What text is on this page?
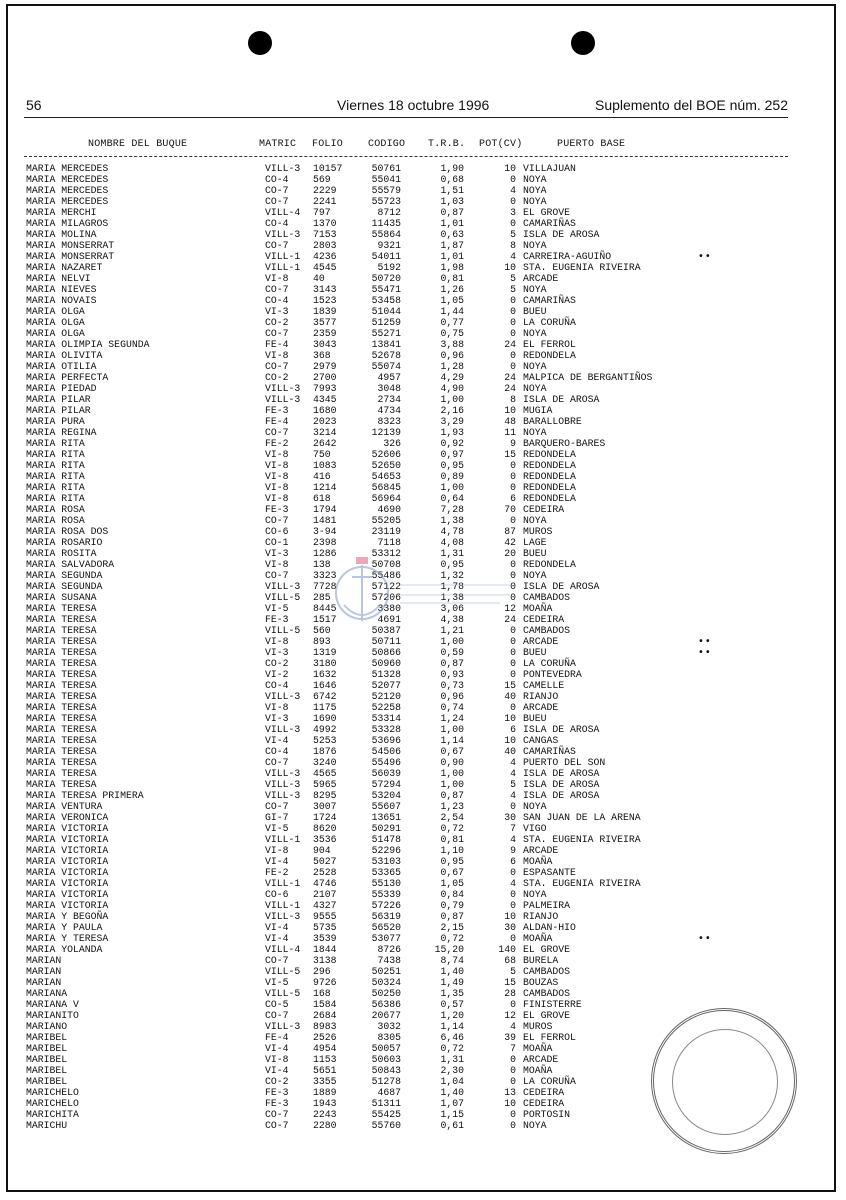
56	Viernes 18 octubre 1996	Suplemento del BOE núm. 252
NOMBRE DEL BUQUE	MATRIC FOLIO CODIGO T.R.B. POT(CV)	PUERTO BASE
MARIA MERCEDES	VILL-3 10157	50761	1,90	10 VILLAJUAN
MARIA MERCEDES	CO-4 569	55041	0,68	0 NOYA
MARIA MERCEDES	CO-7 2229	55579	1,51	4 NOYA
MARIA MERCEDES	CO-7 2241	55723	1,03	0 NOYA
MARIA MERCHI	VILL-4 797	8712	0,87	3 EL GROVE
MARIA MILAGROS	CO-4 1370	11435	1,01	0 CAMARIÑAS
MARIA MOLINA	VILL-3 7153	55864	0,63	5 ISLA DE AROSA
MARIA MONSERRAT	CO-7 2803	9321	1,87	8 NOYA
MARIA MONSERRAT	VILL-1 4236	54011	1,01	4 CARREIRA-AGUIÑO	••
MARIA NAZARET	VILL-1 4545	5192	1,98	10 STA. EUGENIA RIVEIRA
MARIA NELVI	VI-8 40	50720	0,81	5 ARCADE
MARIA NIEVES	CO-7 3143	55471	1,26	5 NOYA
MARIA NOVAIS	CO-4 1523	53458	1,05	0 CAMARIÑAS
MARIA OLGA	VI-3 1839	51044	1,44	0 BUEU
MARIA OLGA	CO-2 3577	51259	0,77	0 LA CORUÑA
MARIA OLGA	CO-7 2359	55271	0,75	0 NOYA
MARIA OLIMPIA SEGUNDA	FE-4 3043	13841	3,88	24 EL FERROL
MARIA OLIVITA	VI-8 368	52678	0,96	0 REDONDELA
MARIA OTILIA	CO-7 2979	55074	1,28	0 NOYA
MARIA PERFECTA	CO-2 2700	4957	4,29	24 MALPICA DE BERGANTIÑOS
MARIA PIEDAD	VILL-3 7993	3048	4,90	24 NOYA
MARIA PILAR	VILL-3 4345	2734	1,00	8 ISLA DE AROSA
MARIA PILAR	FE-3 1680	4734	2,16	10 MUGIA
MARIA PURA	FE-4 2023	8323	3,29	48 BARALLOBRE
MARIA REGINA	CO-7 3214	12139	1,93	11 NOYA
MARIA RITA	FE-2 2642	326	0,92	9 BARQUERO-BARES
MARIA RITA	VI-8 750	52606	0,97	15 REDONDELA
MARIA RITA	VI-8 1083	52650	0,95	0 REDONDELA
MARIA RITA	VI-8 416	54653	0,89	0 REDONDELA
MARIA RITA	VI-8 1214	56845	1,00	0 REDONDELA
MARIA RITA	VI-8 618	56964	0,64	6 REDONDELA
MARIA ROSA	FE-3 1794	4690	7,28	70 CEDEIRA
MARIA ROSA	CO-7 1481	55205	1,38	0 NOYA
MARIA ROSA DOS	CO-6 3-94	23119	4,78	87 MUROS
MARIA ROSARIO	CO-1 2398	7118	4,08	42 LAGE
MARIA ROSITA	VI-3 1286	53312	1,31	20 BUEU
MARIA SALVADORA	VI-8 138	50708	0,95	0 REDONDELA
MARIA SEGUNDA	CO-7 3323	55486	1,32	0 NOYA
MARIA SEGUNDA	VILL-3 7728	57122	1,78	0 ISLA DE AROSA
MARIA SUSANA	VILL-5 285	57206	1,38	0 CAMBADOS
MARIA TERESA	VI-5 8445	3380	3,06	12 MOAÑA
MARIA TERESA	FE-3 1517	4691	4,38	24 CEDEIRA
MARIA TERESA	VILL-5 560	50387	1,21	0 CAMBADOS
MARIA TERESA	VI-8 893	50711	1,00	0 ARCADE	••
MARIA TERESA	VI-3 1319	50866	0,59	0 BUEU	••
MARIA TERESA	CO-2 3180	50960	0,87	0 LA CORUÑA
MARIA TERESA	VI-2 1632	51328	0,93	0 PONTEVEDRA
MARIA TERESA	CO-4 1646	52077	0,73	15 CAMELLE
MARIA TERESA	VILL-3 6742	52120	0,96	40 RIANJO
MARIA TERESA	VI-8 1175	52258	0,74	0 ARCADE
MARIA TERESA	VI-3 1690	53314	1,24	10 BUEU
MARIA TERESA	VILL-3 4992	53328	1,00	6 ISLA DE AROSA
MARIA TERESA	VI-4 5253	53696	1,14	10 CANGAS
MARIA TERESA	CO-4 1876	54506	0,67	40 CAMARIÑAS
MARIA TERESA	CO-7 3240	55496	0,90	4 PUERTO DEL SON
MARIA TERESA	VILL-3 4565	56039	1,00	4 ISLA DE AROSA
MARIA TERESA	VILL-3 5965	57294	1,00	5 ISLA DE AROSA
MARIA TERESA PRIMERA	VILL-3 8295	53204	0,87	4 ISLA DE AROSA
MARIA VENTURA	CO-7 3007	55607	1,23	0 NOYA
MARIA VERONICA	GI-7 1724	13651	2,54	30 SAN JUAN DE LA ARENA
MARIA VICTORIA	VI-5 8620	50291	0,72	7 VIGO
MARIA VICTORIA	VILL-1 3536	51478	0,81	4 STA. EUGENIA RIVEIRA
MARIA VICTORIA	VI-8 904	52296	1,10	9 ARCADE
MARIA VICTORIA	VI-4 5027	53103	0,95	6 MOAÑA
MARIA VICTORIA	FE-2 2528	53365	0,67	0 ESPASANTE
MARIA VICTORIA	VILL-1 4746	55130	1,05	4 STA. EUGENIA RIVEIRA
MARIA VICTORIA	CO-6 2107	55339	0,84	0 NOYA
MARIA VICTORIA	VILL-1 4327	57226	0,79	0 PALMEIRA
MARIA Y BEGOÑA	VILL-3 9555	56319	0,87	10 RIANJO
MARIA Y PAULA	VI-4 5735	56520	2,15	30 ALDAN-HIO
MARIA Y TERESA	VI-4 3539	53077	0,72	0 MOAÑA	••
MARIA YOLANDA	VILL-4 1844	8726	15,20	140 EL GROVE
MARIAN	CO-7 3138	7438	8,74	68 BURELA
MARIAN	VILL-5 296	50251	1,40	5 CAMBADOS
MARIAN	VI-5 9726	50324	1,49	15 BOUZAS
MARIANA	VILL-5 168	50250	1,35	28 CAMBADOS
MARIANA V	CO-5 1584	56386	0,57	0 FINISTERRE
MARIANITO	CO-7 2684	20677	1,20	12 EL GROVE
MARIANO	VILL-3 8983	3032	1,14	4 MUROS
MARIBEL	FE-4 2526	8305	6,46	39 EL FERROL
MARIBEL	VI-4 4954	50057	0,72	7 MOAÑA
MARIBEL	VI-8 1153	50603	1,31	0 ARCADE
MARIBEL	VI-4 5651	50843	2,30	0 MOAÑA
MARIBEL	CO-2 3355	51278	1,04	0 LA CORUÑA
MARICHELO	FE-3 1889	4687	1,40	13 CEDEIRA
MARICHELO	FE-3 1943	51311	1,07	10 CEDEIRA
MARICHITA	CO-7 2243	55425	1,15	0 PORTOSIN
MARICHU	CO-7 2280	55760	0,61	0 NOYA
